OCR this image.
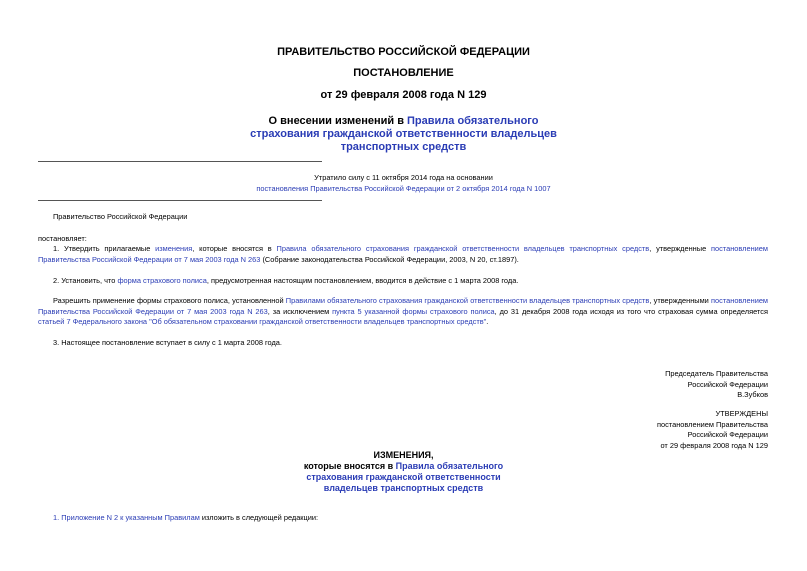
ПРАВИТЕЛЬСТВО РОССИЙСКОЙ ФЕДЕРАЦИИ
ПОСТАНОВЛЕНИЕ
от 29 февраля 2008 года N 129
О внесении изменений в Правила обязательного
страхования гражданской ответственности владельцев
транспортных средств
Утратило силу с 11 октября 2014 года на основании
постановления Правительства Российской Федерации от 2 октября 2014 года N 1007
Правительство Российской Федерации
постановляет:
1. Утвердить прилагаемые изменения, которые вносятся в Правила обязательного страхования гражданской ответственности владельцев транспортных средств, утвержденные постановлением Правительства Российской Федерации от 7 мая 2003 года N 263 (Собрание законодательства Российской Федерации, 2003, N 20, ст.1897).
2. Установить, что форма страхового полиса, предусмотренная настоящим постановлением, вводится в действие с 1 марта 2008 года.
Разрешить применение формы страхового полиса, установленной Правилами обязательного страхования гражданской ответственности владельцев транспортных средств, утвержденными постановлением Правительства Российской Федерации от 7 мая 2003 года N 263, за исключением пункта 5 указанной формы страхового полиса, до 31 декабря 2008 года исходя из того что страховая сумма определяется статьей 7 Федерального закона "Об обязательном страховании гражданской ответственности владельцев транспортных средств".
3. Настоящее постановление вступает в силу с 1 марта 2008 года.
Председатель Правительства
Российской Федерации
В.Зубков
УТВЕРЖДЕНЫ
постановлением Правительства
Российской Федерации
от 29 февраля 2008 года N 129
ИЗМЕНЕНИЯ,
которые вносятся в Правила обязательного
страхования гражданской ответственности
владельцев транспортных средств
1. Приложение N 2 к указанным Правилам изложить в следующей редакции:
